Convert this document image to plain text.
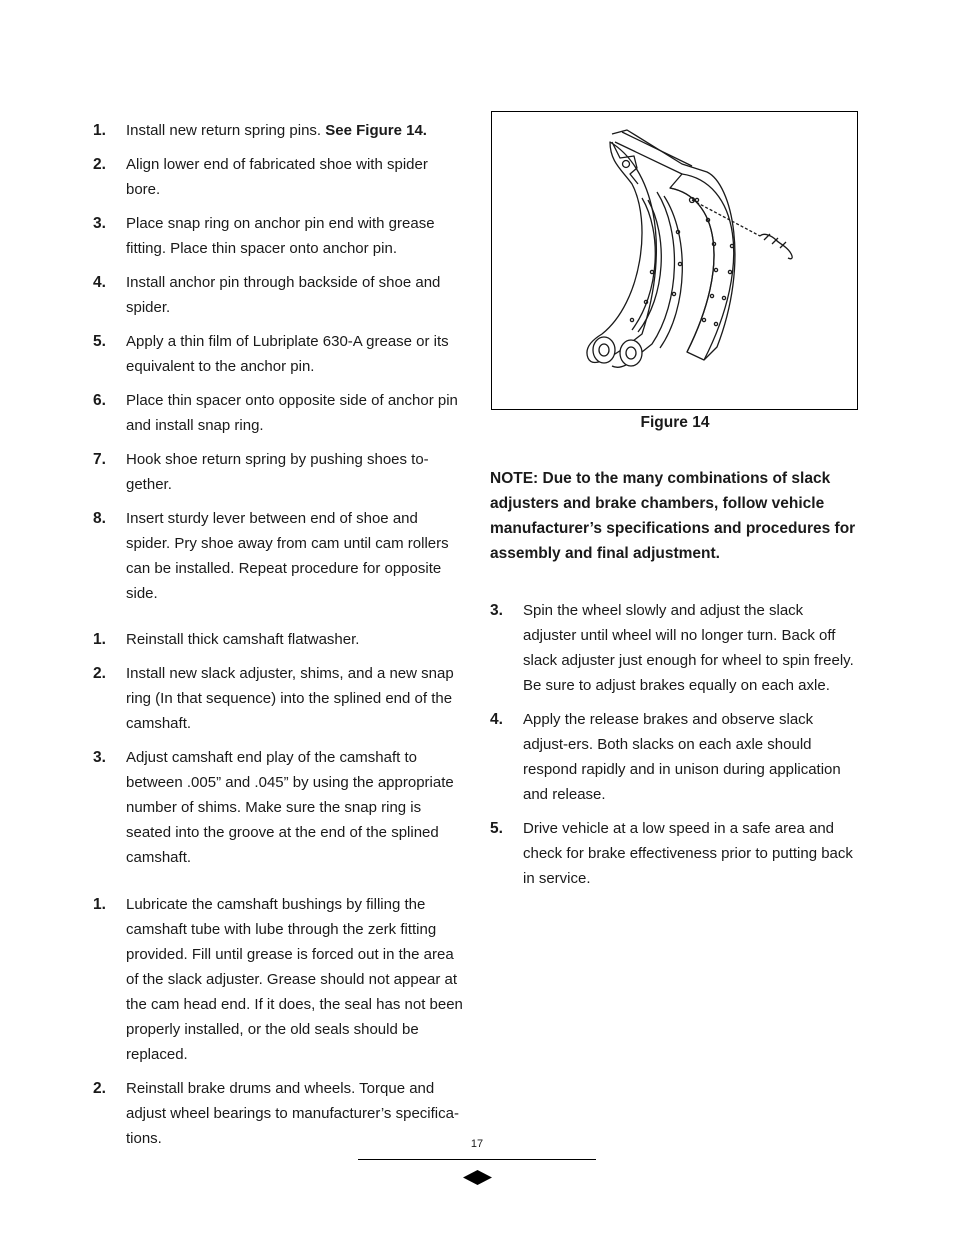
1.	Install new return spring pins. See Figure 14.
2.	Align lower end of fabricated shoe with spider bore.
3.	Place snap ring on anchor pin end with grease fitting. Place thin spacer onto anchor pin.
4.	Install anchor pin through backside of shoe and spider.
5.	Apply a thin film of Lubriplate 630-A grease or its equivalent to the anchor pin.
6.	Place thin spacer onto opposite side of anchor pin and install snap ring.
7.	Hook shoe return spring by pushing shoes to-gether.
8.	Insert sturdy lever between end of shoe and spider. Pry shoe away from cam until cam rollers can be installed. Repeat procedure for opposite side.
1.	Reinstall thick camshaft flatwasher.
2.	Install new slack adjuster, shims, and a new snap ring (In that sequence) into the splined end of the camshaft.
3.	Adjust camshaft end play of the camshaft to between .005” and .045” by using the appropriate number of shims. Make sure the snap ring is seated into the groove at the end of the splined camshaft.
1.	Lubricate the camshaft bushings by filling the camshaft tube with lube through the zerk fitting provided. Fill until grease is forced out in the area of the slack adjuster. Grease should not appear at the cam head end. If it does, the seal has not been properly installed, or the old seals should be replaced.
2.	Reinstall brake drums and wheels. Torque and adjust wheel bearings to manufacturer’s specifica-tions.
Figure 14
NOTE: Due to the many combinations of slack adjusters and brake chambers, follow vehicle manufacturer’s specifications and procedures for assembly and final adjustment.
3.	Spin the wheel slowly and adjust the slack adjuster until wheel will no longer turn. Back off slack adjuster just enough for wheel to spin freely. Be sure to adjust brakes equally on each axle.
4.	Apply the release brakes and observe slack adjust-ers. Both slacks on each axle should respond rapidly and in unison during application and release.
5.	Drive vehicle at a low speed in a safe area and check for brake effectiveness prior to putting back in service.
17
